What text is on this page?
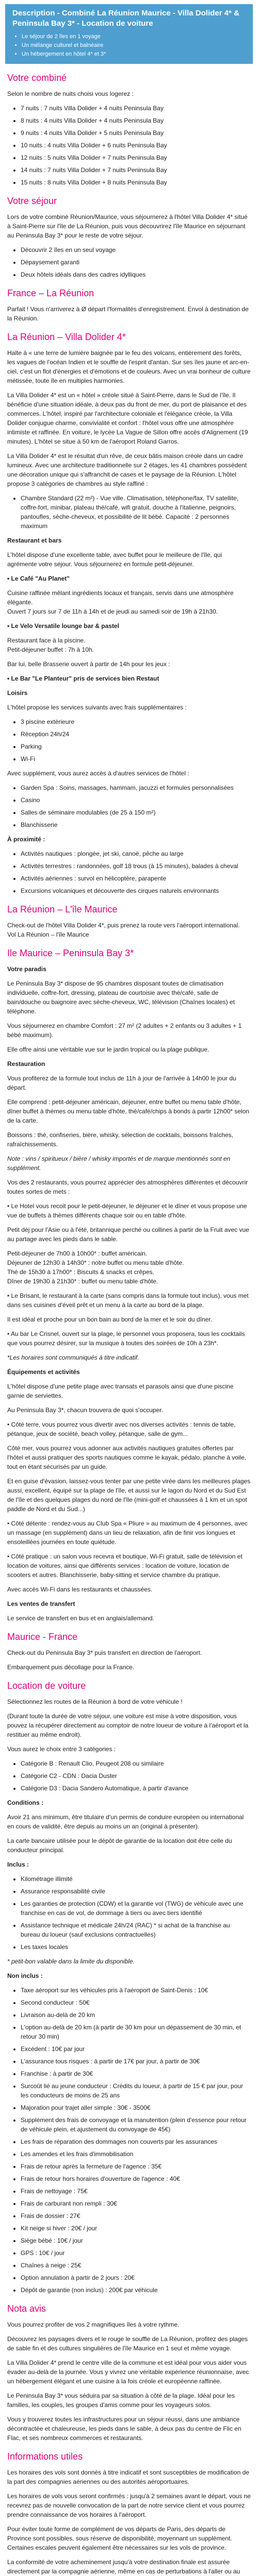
Description - Combiné La Réunion Maurice - Villa Dolider 4* & Peninsula Bay 3* - Location de voiture
• Le séjour de 2 îles en 1 voyage
• Un mélange culturel et balnéaire
• Un hébergement en hôtel 4* et 3*
Votre combiné

Selon le nombre de nuits choisi vous logerez :

• 7 nuits : 7 nuits Villa Dolider + 4 nuits Peninsula Bay
• 8 nuits : 4 nuits Villa Dolider + 4 nuits Peninsula Bay
• 9 nuits : 4 nuits Villa Dolider + 5 nuits Peninsula Bay
• 10 nuits : 4 nuits Villa Dolider + 6 nuits Peninsula Bay
• 12 nuits : 5 nuits Villa Dolider + 7 nuits Peninsula Bay
• 14 nuits : 7 nuits Villa Dolider + 7 nuits Peninsula Bay
• 15 nuits : 8 nuits Villa Dolider + 8 nuits Peninsula Bay
Votre séjour

Lors de votre combiné Réunion/Maurice, vous séjournerez à l'hôtel Villa Dolider 4* situé à Saint-Pierre sur l'île de La Réunion, puis vous découvrirez l'île Maurice en séjournant au Peninsula Bay 3* pour le reste de votre séjour.

• Découvrir 2 îles en un seul voyage
• Dépaysement garanti
• Deux hôtels idéals dans des cadres idylliques
France – La Réunion

Parfait ! Vous n'arriverez à Ø départ l'formalités d'enregistrement. Envol à destination de la Réunion.

La Réunion – Villa Dolider 4*

Halte à « une terre de lumière baignée par le feu des volcans, entièrement des forêts, les vagues de l'océan Indien et le souffle de l'esprit d'antan. Sur ses îles jaune et arc-en-ciel, c'est un flot d'énergies et d'émotions et de couleurs. Avec un vrai bonheur de culture métissée, toute île en multiples harmonies.

La Villa Dolider 4* est un « hôtel » créole situé à Saint-Pierre, dans le Sud de l'île. Il bénéficie d'une situation idéale, à deux pas du front de mer, du port de plaisance et des commerces. L'hôtel, inspiré par l'architecture coloniale et l'élégance créole, la Villa Dolider conjugue charme, convivialité et confort : l'hôtel vous offre une atmosphère intimiste et raffinée. En voiture, le lycée La Vague de Sillon offre accès d'Alignement (19 minutes). L'hôtel se situe à 50 km de l'aéroport Roland Garros.

La Villa Dolider 4* est le résultat d'un rêve, de ceux bâtis maison créole dans un cadre lumineux. Avec une architecture traditionnelle sur 2 étages, les 41 chambres possèdent une décoration unique qui s'affranchit de cases et le paysage de la Réunion. L'hôtel propose 3 catégories de chambres au style raffiné :

• Chambre Standard (22 m²) - Vue ville. Climatisation, téléphone/fax, TV satellite, coffre-fort, minibar, plateau thé/café, wifi gratuit, douche à l'italienne, peignoirs, pantoufles, sèche-cheveux, et possibilité de lit bébé. Capacité : 2 personnes maximum

Restaurant et bars

L'hôtel dispose d'une excellente table, avec buffet pour le meilleure de l'île, qui agrémente votre séjour. Vous séjournerez en formule petit-déjeuner.

• Le Café "Au Planet"

Cuisine raffinée mêlant ingrédients locaux et français, servis dans une atmosphère élégante.
Ouvert 7 jours sur 7 de 11h à 14h et de jeudi au samedi soir de 19h à 21h30.

• Le Velo Versatile lounge bar & pastel

Restaurant face à la piscine.
Petit-déjeuner buffet : 7h à 10h.

Bar lui, belle Brasserie ouvert à partir de 14h pour les jeux :

• Le Bar "Le Planteur" pris de services bien Restaut

Loisirs

L'hôtel propose les services suivants avec frais supplémentaires :

• 3 piscine extérieure
• Réception 24h/24
• Parking
• Wi-Fi

Avec supplément, vous aurez accès à d'autres services de l'hôtel :

• Garden Spa : Soins, massages, hammam, jacuzzi et formules personnalisées
• Casino
• Salles de séminaire modulables (de 25 à 150 m²)
• Blanchisserie

À proximité :

• Activités nautiques : plongée, jet ski, canoë, pêche au large
• Activités terrestres : randonnées, golf 18 trous (à 15 minutes), balades à cheval
• Activités aériennes : survol en hélicoptère, parapente
• Excursions volcaniques et découverte des cirques naturels environnants
La Réunion – L'île Maurice

Check-out de l'hôtel Villa Dolider 4*, puis prenez la route vers l'aéroport international.
Vol La Réunion – l'île Maurice

Ile Maurice – Peninsula Bay 3*

Votre paradis

Le Peninsula Bay 3* dispose de 95 chambres disposant toutes de climatisation individuelle, coffre-fort, dressing, plateau de courtoisie avec thé/café, salle de bain/douche ou baignoire avec sèche-cheveux, WC, télévision (Chaînes locales) et téléphone.

Vous séjournerez en chambre Comfort : 27 m² (2 adultes + 2 enfants ou 3 adultes + 1 bébé maximum).

Elle offre ainsi une véritable vue sur le jardin tropical ou la plage publique.

Restauration

Vous profiterez de la formule tout inclus de 11h à jour de l'arrivée à 14h00 le jour du départ.

Elle comprend : petit-déjeuner américain, déjeuner, entre buffet ou menu table d'hôte, dîner buffet à thèmes ou menu table d'hôte, thé/café/chips à bonds à partir 12h00* selon de la carte.

Boissons : thé, confiseries, bière, whisky, sélection de cocktails, boissons fraîches, rafraîchissements.

Note : vins / spiritueux / bière / whisky importés et de marque mentionnés sont en supplément.

Vos des 2 restaurants, vous pourrez apprécier des atmosphères différentes et découvrir toutes sortes de mets :

• Le Hotel vous recoit pour le petit-déjeuner, le déjeuner et le dîner et vous propose une vue de buffets à thèmes différents chaque soir ou en table d'hôte.

Petit déj pour l'Asie ou à l'été, britannique perché ou collines à partir de la Fruit avec vue au partage avec les pieds dans le sable.

Petit-déjeuner de 7h00 à 10h00* : buffet américain.
Déjeuner de 12h30 à 14h30* : notre buffet ou menu table d'hôte.
Thé de 15h30 à 17h00* : Biscuits & snacks et crêpes.
Dîner de 19h30 à 21h30* : buffet ou menu table d'hôte.

• Le Brisant, le restaurant à la carte (sans compris dans la formule tout inclus), vous met dans ses cuisines d'éveil prêt et un menu à la carte au bord de la plage.

Il est idéal et proche pour un bon bain au bord de la mer et le soir du dîner.

• Au bar Le Crisnel, ouvert sur la plage, le personnel vous proposera, tous les cocktails que vous pourrez désirer, sur la musique à toutes des soirées de 10h à 23h*.

*Les horaires sont communiqués à titre indicatif.

Équipements et activités

L'hôtel dispose d'une petite plage avec transats et parasols ainsi que d'une piscine garnie de serviettes.

Au Peninsula Bay 3*, chacun trouvera de quoi s'occuper.

• Côté terre, vous pourrez vous divertir avec nos diverses activités : tennis de table, pétanque, jeux de société, beach volley, pétanque, salle de gym...

Côté mer, vous pourrez vous adonner aux activités nautiques gratuites offertes par l'hôtel et aussi pratiquer des sports nautiques comme le kayak, pédalo, planche à voile, tout en étant sécurisés par un guide.

Et en guise d'évasion, laissez-vous tenter par une petite virée dans les meilleures plages aussi, excellent, équipé sur la plage de l'île, et aussi sur le lagon du Nord et du Sud Est de l'île et des quelques plages du nord de l'île (mini-golf et chaussées à 1 km et un spot paddle de Nord et du Sud...)

• Côté détente : rendez-vous au Club Spa « Pliure » au maximum de 4 personnes, avec un massage (en supplément) dans un lieu de relaxation, afin de finir vos longues et ensoleillées journées en toute quiétude.

• Côté pratique : un salon vous recevra et boutique, Wi-Fi gratuit, salle de télévision et location de voitures, ainsi que différents services : location de voiture, location de scooters et autres. Blanchisserie, baby-sitting et service chambre du pratique.

Avec accès Wi-Fi dans les restaurants et chaussées.

Les ventes de transfert

Le service de transfert en bus et en anglais/allemand.

Maurice - France

Check-out du Peninsula Bay 3* puis transfert en direction de l'aéroport.

Embarquement puis décollage pour la France.

Location de voiture

Sélectionnez les routes de la Réunion à bord de votre véhicule !

(Durant toute la durée de votre séjour, une voiture est mise à votre disposition, vous pouvez la récupérer directement au comptoir de notre loueur de voiture à l'aéroport et la restituer au même endroit).

Vous aurez le choix entre 3 catégories :

• Catégorie B : Renault Clio, Peugeot 208 ou similaire
• Catégorie C2 - CDN : Dacia Duster
• Catégorie D3 : Dacia Sandero Automatique, à partir d'avance

Conditions :

Avoir 21 ans minimum, être titulaire d'un permis de conduire européen ou international en cours de validité, être depuis au moins un an (original à présenter).

La carte bancaire utilisée pour le dépôt de garantie de la location doit être celle du conducteur principal.

Inclus :

• Kilométrage illimité
• Assurance responsabilité civile
• Les garanties de protection (CDW) et la garantie vol (TWG) de véhicule avec une franchise en cas de vol, de dommage à tiers ou avec tiers identifié
• Assistance technique et médicale 24h/24 (RAC) * si achat de la franchise au bureau du loueur (sauf exclusions contractuelles)
• Les taxes locales

* petit-bon valable dans la limite du disponible.

Non inclus :

• Taxe aéroport sur les véhicules pris à l'aéroport de Saint-Denis : 10€
• Second conducteur : 50€
• Livraison au-delà de 20 km
• L'option au-delà de 20 km (à partir de 30 km pour un dépassement de 30 min, et retour 30 min)
• Excédent : 10€ par jour
• L'assurance tous risques : à partir de 17€ par jour, à partir de 30€
• Franchise : à partir de 30€
• Surcoût lié au jeune conducteur : Crédits du loueur, à partir de 15 € par jour, pour les conducteurs de moins de 25 ans
• Majoration pour trajet aller simple : 30€ - 3500€
• Supplément des frais de convoyage et la manutention (plein d'essence pour retour de véhicule plein, et ajustement du convoyage de 45€)
• Les frais de réparation des dommages non couverts par les assurances
• Les amendes et les frais d'immobilisation
• Frais de retour après la fermeture de l'agence : 35€
• Frais de retour hors horaires d'ouverture de l'agence : 40€
• Frais de nettoyage : 75€
• Frais de carburant non rempli : 30€
• Frais de dossier : 27€
• Kit neige si hiver : 20€ / jour
• Siège bébé : 10€ / jour
• GPS : 10€ / jour
• Chaînes à neige : 25€
• Option annulation à partir de 2 jours : 20€
• Dépôt de garantie (non inclus) : 200€ par véhicule
Nota avis

Vous pourrez profiter de vos 2 magnifiques îles à votre rythme.

Découvrez les paysages divers et le rouge le souffle de La Réunion, profitez des plages de sable fin et des cultures singulières de l'île Maurice en 1 seul et même voyage.

La Villa Dolider 4* prend le centre ville de la commune et est idéal pour vous aider vous évader au-delà de la journée. Vous y vivrez une véritable expérience réunionnaise, avec un hébergement élégant et une cuisine à la fois créole et européenne raffinée.

Le Peninsula Bay 3* vous séduira par sa situation à côté de la plage. Idéal pour les familles, les couples, les groupes d'amis comme pour les voyageurs solos.

Vous y trouverez toutes les infrastructures pour un séjour réussi, dans une ambiance décontractée et chaleureuse, les pieds dans le sable, à deux pas du centre de Flic en Flac, et ses nombreux commerces et restaurants.

Informations utiles

Les horaires des vols sont donnés à titre indicatif et sont susceptibles de modification de la part des compagnies aériennes ou des autorités aéroportuaires.

Les horaires de vols vous seront confirmés : jusqu'à 2 semaines avant le départ, vous ne recevrez pas de nouvelle convocation de la part de notre service client et vous pourrez prendre connaissance de vos horaires à l'aéroport.

Pour éviter toute forme de complément de vos départs de Paris, des départs de Province sont possibles, sous réserve de disponibilité, moyennant un supplément. Certaines escales peuvent également être nécessaires sur les vols de province.

La conformité de votre acheminement jusqu'à votre destination finale est assurée directement par la compagnie aérienne, même en cas de perturbations à l'aller ou au
